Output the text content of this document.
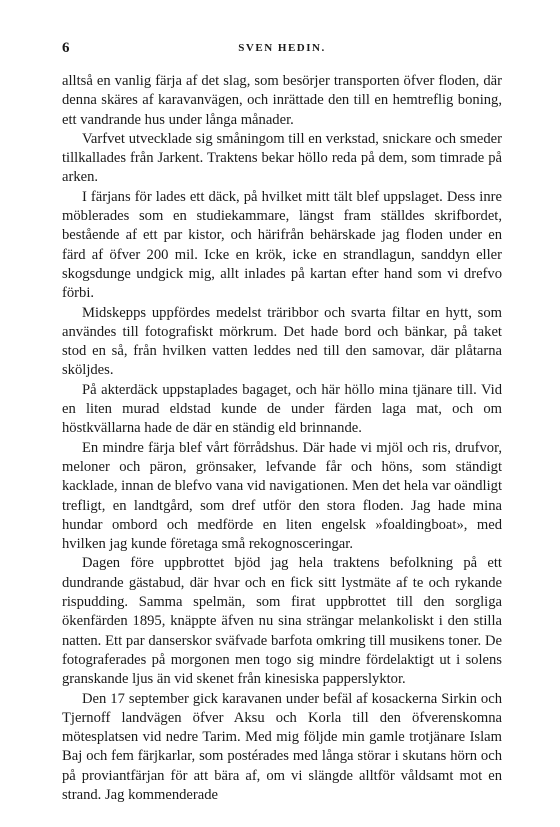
6	SVEN HEDIN.

alltså en vanlig färja af det slag, som besörjer transporten öfver floden, där denna skäres af karavanvägen, och inrättade den till en hemtreflig boning, ett vandrande hus under långa månader.

Varfvet utvecklade sig småningom till en verkstad, snickare och smeder tillkallades från Jarkent. Traktens bekar höllo reda på dem, som timrade på arken.

I färjans för lades ett däck, på hvilket mitt tält blef uppslaget. Dess inre möblerades som en studiekammare, längst fram ställdes skrifbordet, bestående af ett par kistor, och härifrån behärskade jag floden under en färd af öfver 200 mil. Icke en krök, icke en strandlagun, sanddyn eller skogsdunge undgick mig, allt inlades på kartan efter hand som vi drefvo förbi.

Midskepps uppfördes medelst träribbor och svarta filtar en hytt, som användes till fotografiskt mörkrum. Det hade bord och bänkar, på taket stod en så, från hvilken vatten leddes ned till den samovar, där plåtarna sköljdes.

På akterdäck uppstaplades bagaget, och här höllo mina tjänare till. Vid en liten murad eldstad kunde de under färden laga mat, och om höstkvällarna hade de där en ständig eld brinnande.

En mindre färja blef vårt förrådshus. Där hade vi mjöl och ris, drufvor, meloner och päron, grönsaker, lefvande får och höns, som ständigt kacklade, innan de blefvo vana vid navigationen. Men det hela var oändligt trefligt, en landtgård, som dref utför den stora floden. Jag hade mina hundar ombord och medförde en liten engelsk »foaldingboat», med hvilken jag kunde företaga små rekognosceringar.

Dagen före uppbrottet bjöd jag hela traktens befolkning på ett dundrande gästabud, där hvar och en fick sitt lystmäte af te och rykande rispudding. Samma spelmän, som firat uppbrottet till den sorgliga ökenfärden 1895, knäppte äfven nu sina strängar melankoliskt i den stilla natten. Ett par danserskor sväfvade barfota omkring till musikens toner. De fotograferades på morgonen men togo sig mindre fördelaktigt ut i solens granskande ljus än vid skenet från kinesiska papperslyktor.

Den 17 september gick karavanen under befäl af kosackerna Sirkin och Tjernoff landvägen öfver Aksu och Korla till den öfverenskomna mötesplatsen vid nedre Tarim. Med mig följde min gamle trotjänare Islam Baj och fem färjkarlar, som postérades med långa störar i skutans hörn och på proviantfärjan för att bära af, om vi slängde alltför våldsamt mot en strand. Jag kommenderade
